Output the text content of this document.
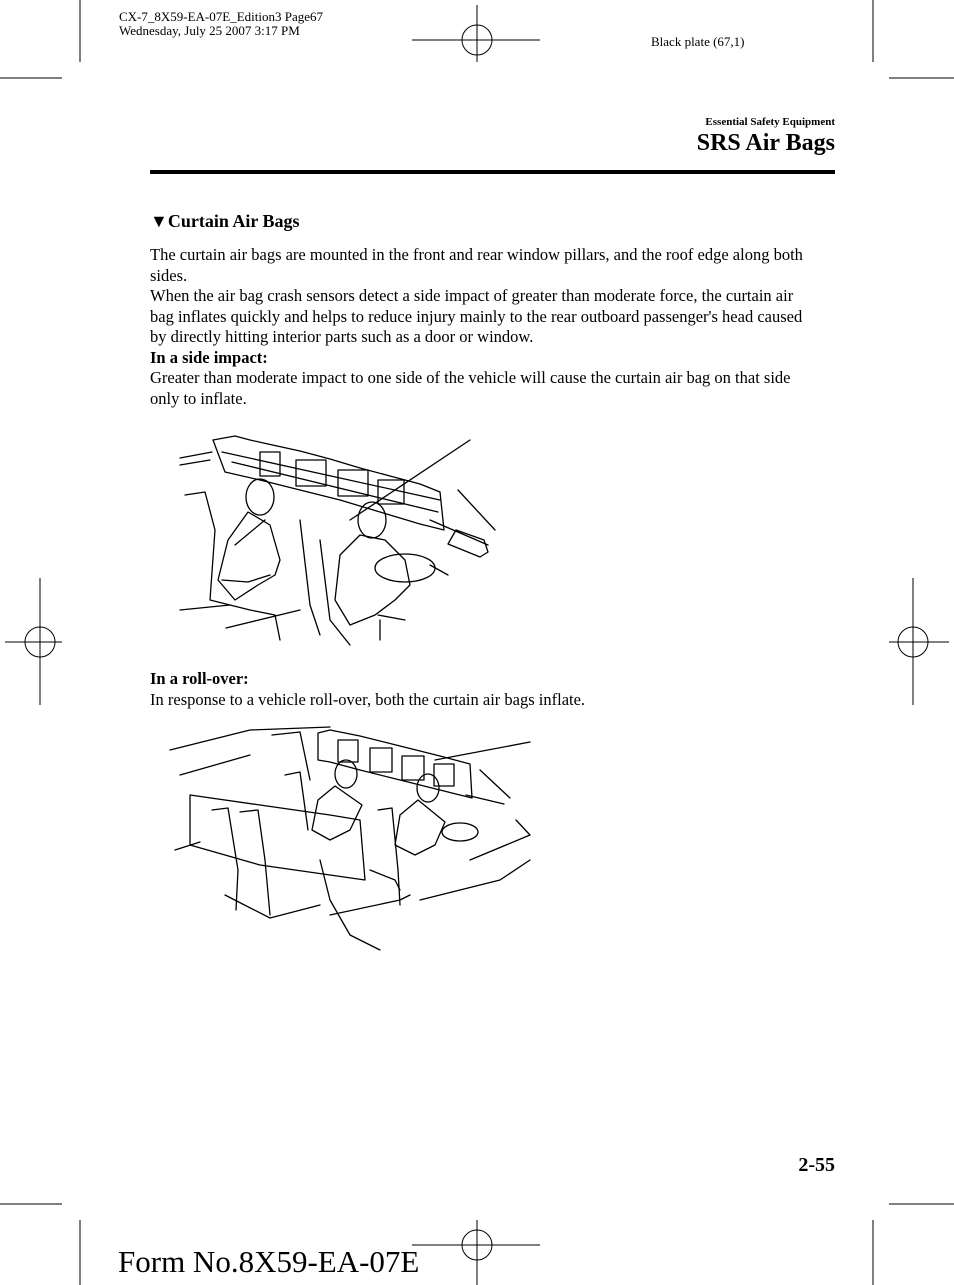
CX-7_8X59-EA-07E_Edition3 Page67
Wednesday, July 25 2007 3:17 PM
Black plate (67,1)
Essential Safety Equipment
SRS Air Bags
▼Curtain Air Bags

The curtain air bags are mounted in the front and rear window pillars, and the roof edge along both sides.

When the air bag crash sensors detect a side impact of greater than moderate force, the curtain air bag inflates quickly and helps to reduce injury mainly to the rear outboard passenger's head caused by directly hitting interior parts such as a door or window.

In a side impact:

Greater than moderate impact to one side of the vehicle will cause the curtain air bag on that side only to inflate.

In a roll-over:

In response to a vehicle roll-over, both the curtain air bags inflate.

2-55
Form No.8X59-EA-07E
